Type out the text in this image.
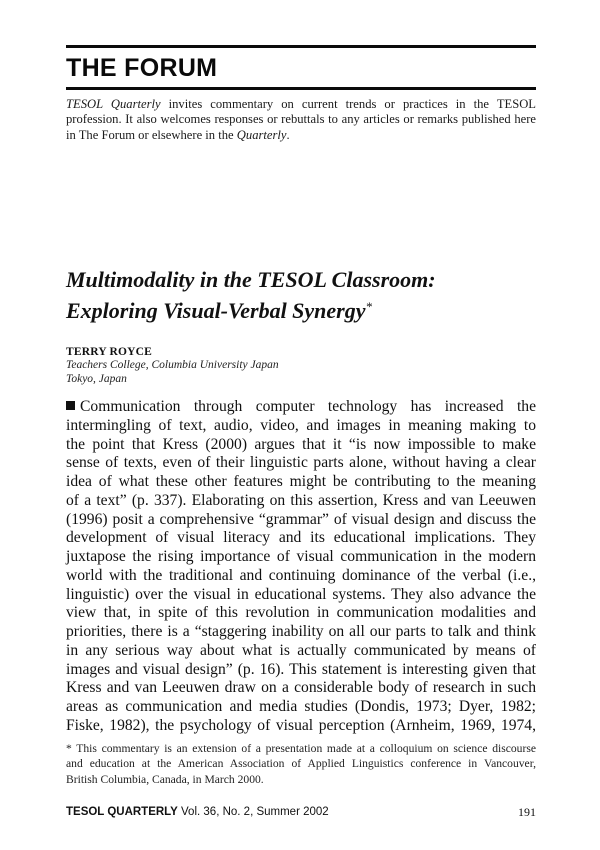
THE FORUM

TESOL Quarterly invites commentary on current trends or practices in the TESOL profession. It also welcomes responses or rebuttals to any articles or remarks published here in The Forum or elsewhere in the Quarterly.

Multimodality in the TESOL Classroom:
Exploring Visual-Verbal Synergy*
TERRY ROYCE
Teachers College, Columbia University Japan
Tokyo, Japan
Communication through computer technology has increased the
intermingling of text, audio, video, and images in meaning making to
the point that Kress (2000) argues that it “is now impossible to make
sense of texts, even of their linguistic parts alone, without having a clear
idea of what these other features might be contributing to the meaning
of a text” (p. 337). Elaborating on this assertion, Kress and van Leeuwen
(1996) posit a comprehensive “grammar” of visual design and discuss the
development of visual literacy and its educational implications. They
juxtapose the rising importance of visual communication in the modern
world with the traditional and continuing dominance of the verbal (i.e.,
linguistic) over the visual in educational systems. They also advance the
view that, in spite of this revolution in communication modalities and
priorities, there is a “staggering inability on all our parts to talk and think
in any serious way about what is actually communicated by means of
images and visual design” (p. 16). This statement is interesting given that
Kress and van Leeuwen draw on a considerable body of research in such
areas as communication and media studies (Dondis, 1973; Dyer, 1982;
Fiske, 1982), the psychology of visual perception (Arnheim, 1969, 1974,
* This commentary is an extension of a presentation made at a colloquium on science discourse
and education at the American Association of Applied Linguistics conference in Vancouver,
British Columbia, Canada, in March 2000.
TESOL QUARTERLY Vol. 36, No. 2, Summer 2002	191
